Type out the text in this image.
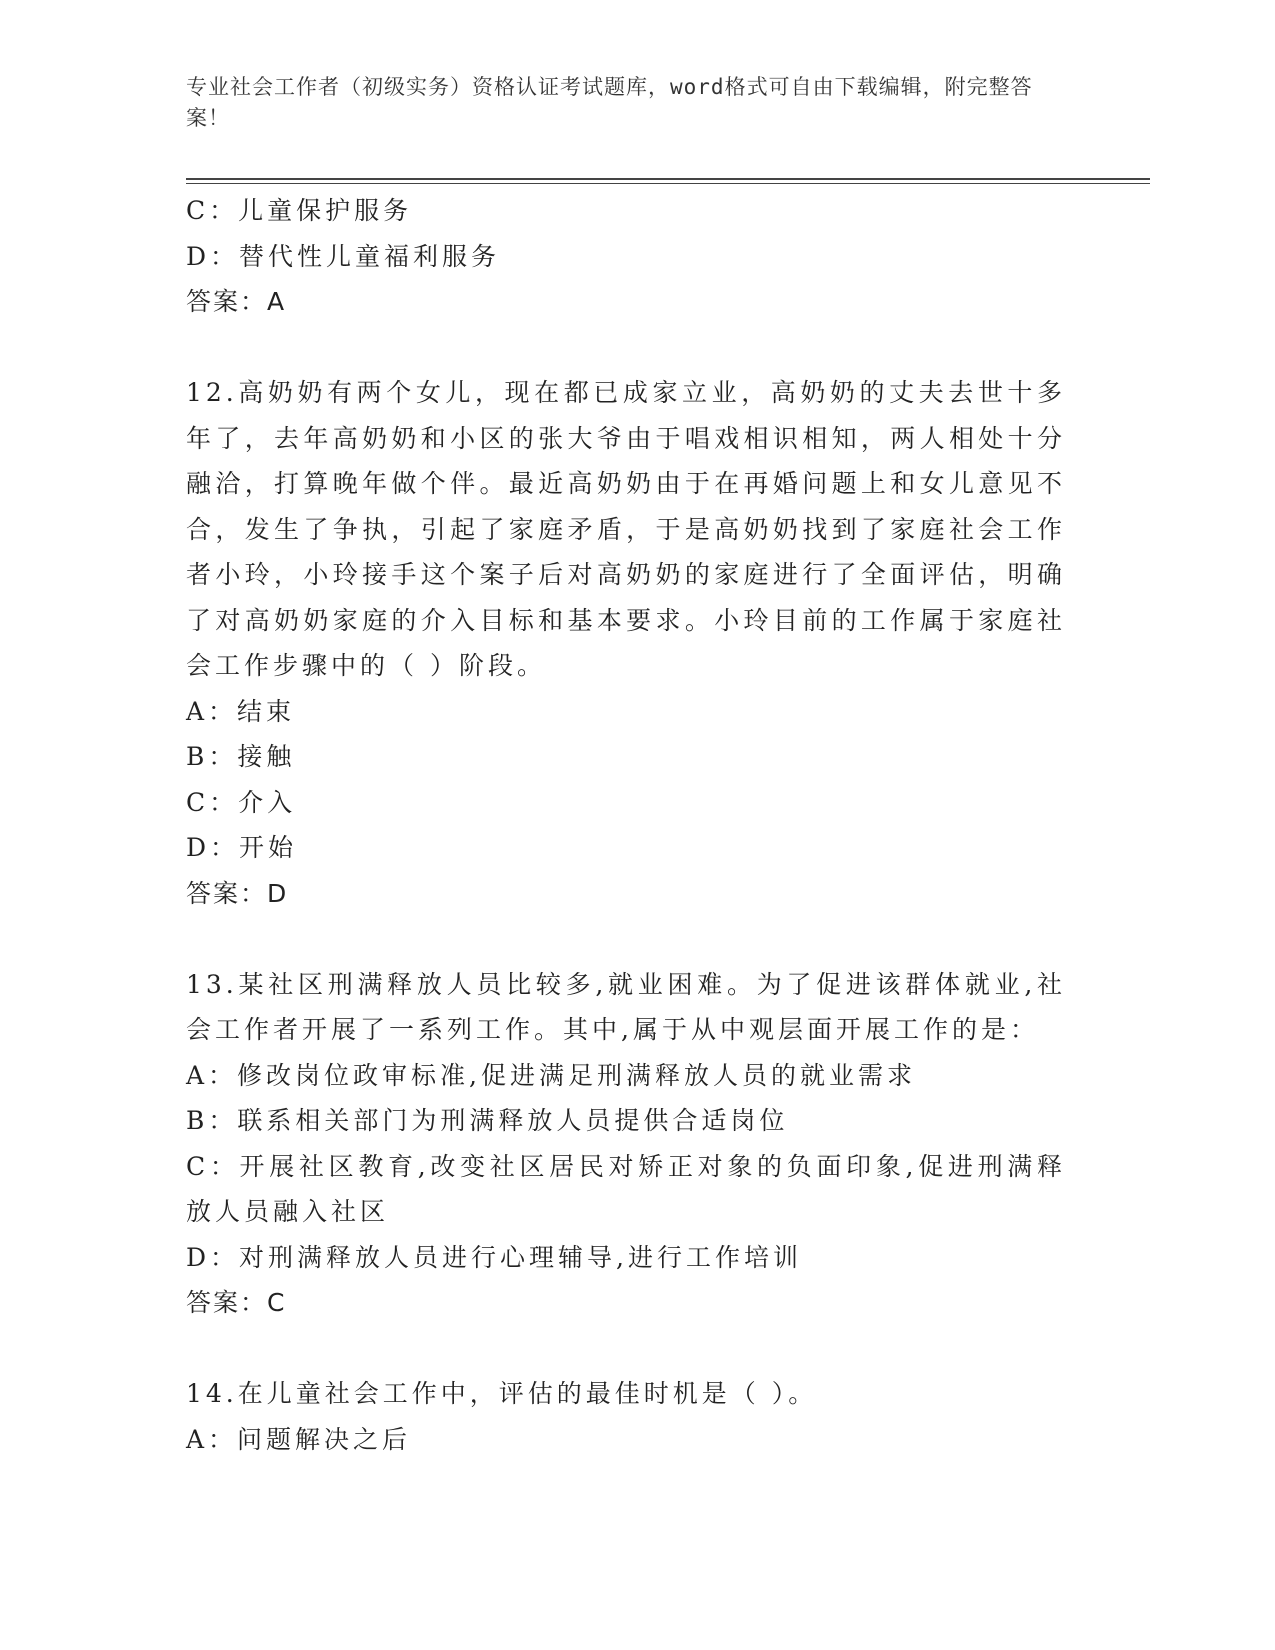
专业社会工作者（初级实务）资格认证考试题库，word格式可自由下载编辑，附完整答案！
C：儿童保护服务
D：替代性儿童福利服务
答案：A
12.高奶奶有两个女儿，现在都已成家立业，高奶奶的丈夫去世十多年了，去年高奶奶和小区的张大爷由于唱戏相识相知，两人相处十分融洽，打算晚年做个伴。最近高奶奶由于在再婚问题上和女儿意见不合，发生了争执，引起了家庭矛盾，于是高奶奶找到了家庭社会工作者小玲，小玲接手这个案子后对高奶奶的家庭进行了全面评估，明确了对高奶奶家庭的介入目标和基本要求。小玲目前的工作属于家庭社会工作步骤中的（ ）阶段。
A：结束
B：接触
C：介入
D：开始
答案：D
13.某社区刑满释放人员比较多,就业困难。为了促进该群体就业,社会工作者开展了一系列工作。其中,属于从中观层面开展工作的是：
A：修改岗位政审标准,促进满足刑满释放人员的就业需求
B：联系相关部门为刑满释放人员提供合适岗位
C：开展社区教育,改变社区居民对矫正对象的负面印象,促进刑满释放人员融入社区
D：对刑满释放人员进行心理辅导,进行工作培训
答案：C
14.在儿童社会工作中，评估的最佳时机是（ ）。
A：问题解决之后
